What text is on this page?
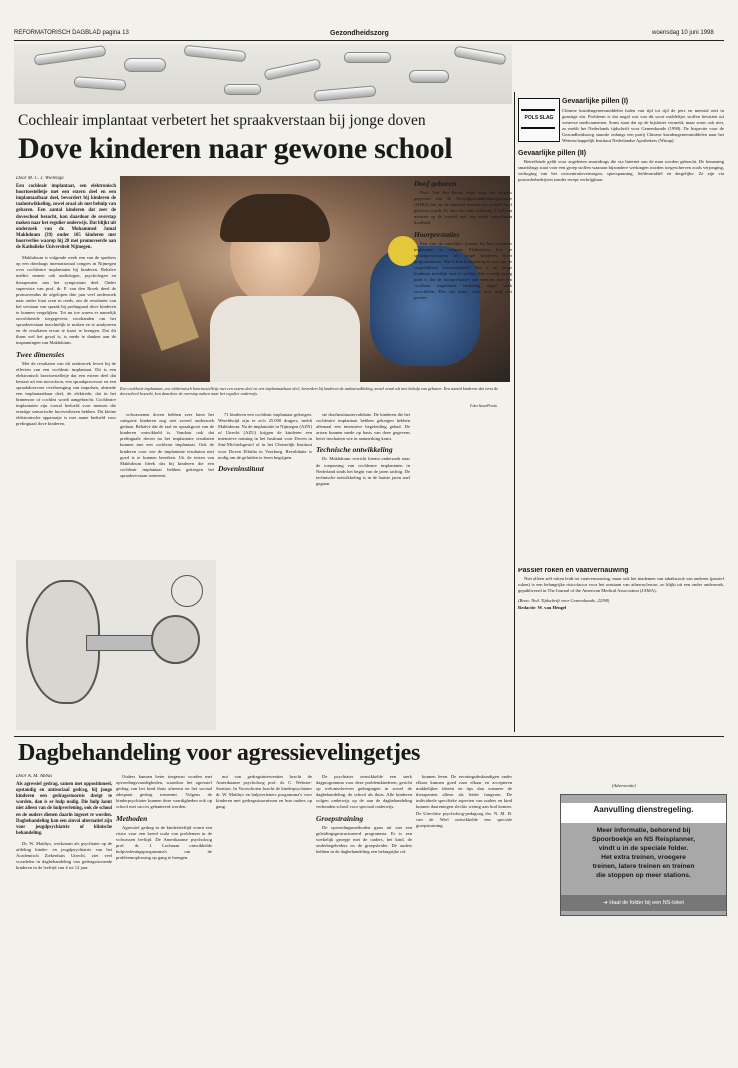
REFORMATORISCH DAGBLAD pagina 13	Gezondheidszorg	woensdag 10 juni 1998
Cochleair implantaat verbetert het spraakverstaan bij jonge doven
Dove kinderen naar gewone school
Door M. C. J. Wielenga
Een cochleair implantaat, een elektronisch hoortoestelletje met een extern deel en een implantaatbaar deel, bevordert bij kinderen de taalontwikkeling, zowel oraal als met behulp van gebaren. Een aantal kinderen dat zeer de doveschool bezocht, kon daardoor de overstap maken naar het regulier onderwijs. Dat blijkt uit onderzoek van dr. Mohammed Jamal Makhdoum (39) onder 105 kinderen met hoorverlies waarop hij 28 mei promoveerde aan de Katholieke Universiteit Nijmegen.

Makhdoum is volgende week een van de sprekers op een driedaags internationaal congres in Nijmegen over cochleaire implantaten bij kinderen. Behalve médici nemen ook audiologen, psychologen en therapeuten aan het symposium deel. Onder supervisie van prof. dr. P. van den Broek deed de promovendus de afgelopen drie jaar veel onderzoek naar onder fraai oren in reeds, om de resultaten van het verstaan van spraak bij prelinguaal dove kinderen te kunnen vergelijken. Tot nu toe waren er namelijk onvoldoende toegegevens voorhanden om het spraakverstaan inzichtelijk te maken en te analyseren en de resultaten ervan te kaart te brengen. Dat dit thans wel het geval is, is mede te danken aan de inspanningen van Makhdoum.

Twee dimensies

Met de resultaten van dit onderzoek levert hij de effecten van een cochleair implantaat. Dit is een elektronisch hoortoestelletje dat een extern deel dat bestaat uit een microfoon, een spraakprocessor en een spraakdoorvoer overbrenging van impulsen, alsmede een implantaatbaar deel, de elektrode, dat in het binnenoor of cochlea wordt aangebracht. Cochleaire implantaten zijn vooral bedoeld voor mensen die ernstige sensorische hoorverliezen hebben. Dit kleine elektronische apparaatje is met name bedoeld voor prelinguaal dove kinderen.

Een cochleair implantaat, een elektronisch hoortoestelletje met een extern deel en een implantaatbaar deel, bevordert bij kinderen de taalontwikkeling, zowel oraal als met behulp van gebaren. Een aantal kinderen dat eerst de doveschool bezocht, kon daardoor de overstap maken naar het regulier onderwijs.
Foto NoorPhoto

volwassenen doven hebben zeer laten het categorie kinderen nog niet zoveel onderzoek gedaan. Behalve dat de taal en spraakgroei van de kinderen ontwikkeld is. Vandaar ook dat prelinguale doven na het implantatie tesultaten kunnen met een cochleair implantaat. Ook de kinderen voor wie de implantatie tesultaten niet goed is te kunnen bereiken. Uit de testen van Makhdoum bleek dat bij kinderen die een cochleair implantaat hebben gekregen het spraakverstaan toeneemt.

71 kinderen een cochleair implantaat gekregen. Wereldwijd zijn er zo'n 25.000 dragers, meldt Makhdoum. Na de implantatie in Nijmegen (AZN) of Utrecht (AZU) krijgen de kinderen een intensieve training in het Instituut voor Doven in Sint-Michielsgestel of in het Christelijk Instituut voor Doven Effatha in Voorburg. Revalidatie is nodig om de geluiden te leren begrijpen.

Doveninstituut

ste doofinstituutrevalidatie. De kinderen die het cochleaire implantaat hebben gekregen hebben allemaal een intensieve begeleiding gehad. De artsen kunnen mede op basis van deze gegevens beter inschatten wie in aanmerking komt.

Technische ontwikkeling

Dr. Makhdoum verricht hierna onderzoek naar de toepassing van cochleaire implantaten in Nederland sinds het begin van de jaren tachtig. De technische ontwikkeling is in de laatste jaren snel gegaan.

Doof geboren

Prof. Van den Broek wijst erop dat volgens gegevens van de Wereldgezondheidsorganisatie (WHO) een op de duizend mensen ter wereld doof geboren wordt. Er zijn dus naar schatting 5 miljoen mensen op de wereld met een totale aangeboren doofheid.

Hoorprestaties

Een van de moeilijke punten bij het cochleair implantaat is volgens Makhdoum hoe je spraakprocessoren bij jonge kinderen moet programmeren. Wat is hun hoorgedrag en wat zijn de vergelijkbare hoorresultaten? Dat is bij jonge kinderen moeilijk vast te stellen. Een tweede lastig punt is dat de hoorprestaties van mensen met een cochleair implantaat onderling nogal sterk verschillen. Hoe dat komt, weet men nog niet precies.

POLS SLAG
Gevaarlijke pillen (I)

Chinese kruidengeneesmiddelen halen van tijd tot tijd de pers en meestal niet in gunstige zin. Probleem is dat nogal wat van dit soort middeltjes stoffen bevatten uit westerse medicamenten. Soms staat dat op de bijsluiter vermeld, maar soms ook niet, zo meldt het Nederlands tijdschrift voor Geneeskunde (1998). De Inspectie voor de Gezondheidszorg stuurde onlangs een partij Chinese kruidengeneesmiddelen naar het Wetenschappelijk Instituut Nederlandse Apothekers (Winap).

Gevaarlijke pillen (II)

Betreffende geldt voor zogeheten smartdrugs die via Internet aan de man worden gebracht. De benaming smartdrugs staat voor een groep stoffen waaraan bijzondere werkingen worden toegeschreven zoals verjonging, verhoging van het concentratievermogen, spierspanning, liefdesmiddel en dergelijke. Ze zijn via postorderbedrijven zonder recept verkrijgbaar.

Passief roken en vaatvernauwing

Niet alleen zelf roken leidt tot vaatvernauwing, maar ook het inademen van tabaksrook van anderen (passief roken) is een belangrijke risicofactor voor het ontstaan van atherosclerose, zo blijkt uit een onder onderzoek, gepubliceerd in The Journal of the American Medical Association (JAMA).

(Bron: Ned. Tijdschrift voor Geneeskunde, 22/98)

Redactie: W. van Hengel

Dagbehandeling voor agressievelingetjes
Door A. M. Abbas
Als agressief gedrag, samen met oppositioneel, opstandig en antisociaal gedrag, bij jonge kinderen een gedragsstoornis dreigt te worden, dan is er hulp nodig. Die hulp komt niet alleen van de hulpverlening, ook de school en de ouders dienen daarin ingezet te worden. Dagbehandeling kan een zinvol alternatief zijn voor jeugdpsychiatrie of klinische behandeling.

Dr. W. Matthys, werkzaam als psychiater op de afdeling kinder- en jeugdpsychiatrie van het Academisch Ziekenhuis Utrecht, ziet veel voordelen in dagbehandeling van gedragsstoornde kinderen in de leeftijd van 4 tot 12 jaar.

Ouders kunnen beter toegerust worden met opvoedingsvaardigheden, waardoor het agressief gedrag van het kind thuis afneemt en het sociaal adequaat gedrag toeneemt. Volgens de kinderpsychiater kunnen deze vaardigheden ook op school met succes gehanteerd worden.

Methoden

Agressief gedrag in de kinderleeftijd vormt een risico voor een breed scala van problemen in de volwassen leeftijd. De Amerikaanse psycholoog prof. dr. J. Lochman ontwikkelde hulpverleningsprogramma's om de probleemoplossing op gang te brengen.

nut van gedragsinterventies bracht de Amerikaanse psycholoog prof. dr. C. Webster-Stratton. In Voorschoten bracht de kinderpsychiater dr. W. Matthys en hulpverleners programma's voor kinderen met gedragsstoornissen en hun ouders op gang.

De psychiater ontwikkelde een sterk dagprogramma voor deze problemkinderen, gericht op welomschreven gedragingen in zowel de dagbehandeling, de school als thuis. Alle kinderen volgen onderwijs op de aan de dagbehandeling verbonden school voor speciaal onderwijs.

Groepstraining

De opvoedingsmethoden gaan uit van een geleidingsgestructureerd programma. Er is een werkelijk groepje met de ouders, het kind, de onderbegeleiders en de groepsleider. De ouders hebben in de dagbehandeling een belangrijke rol.

kunnen leren. De ervaringsdeskundigen onder elkaar kunnen goed naar elkaar en accepteren makkelijker ideeën en tips dan wanneer de therapeuten alleen als leider fungeren. De individuele specifieke aspecten van ouders en kind kunnen daarentegen slechts weinig aan bod komen. De Utrechtse psycholoog-pedagoog drs. N. M. H. van de Wiel ontwikkelde een speciale groepstraining.

(Advertentie)
Aanvulling dienstregeling.
Meer informatie, behorend bij
Spoorboekje en NS Reisplanner,
vindt u in de speciale folder.
Het extra treinen, vroegere
treinen, latere treinen en treinen
die stoppen op meer stations.
➜ Haal de folder bij een NS-loket
